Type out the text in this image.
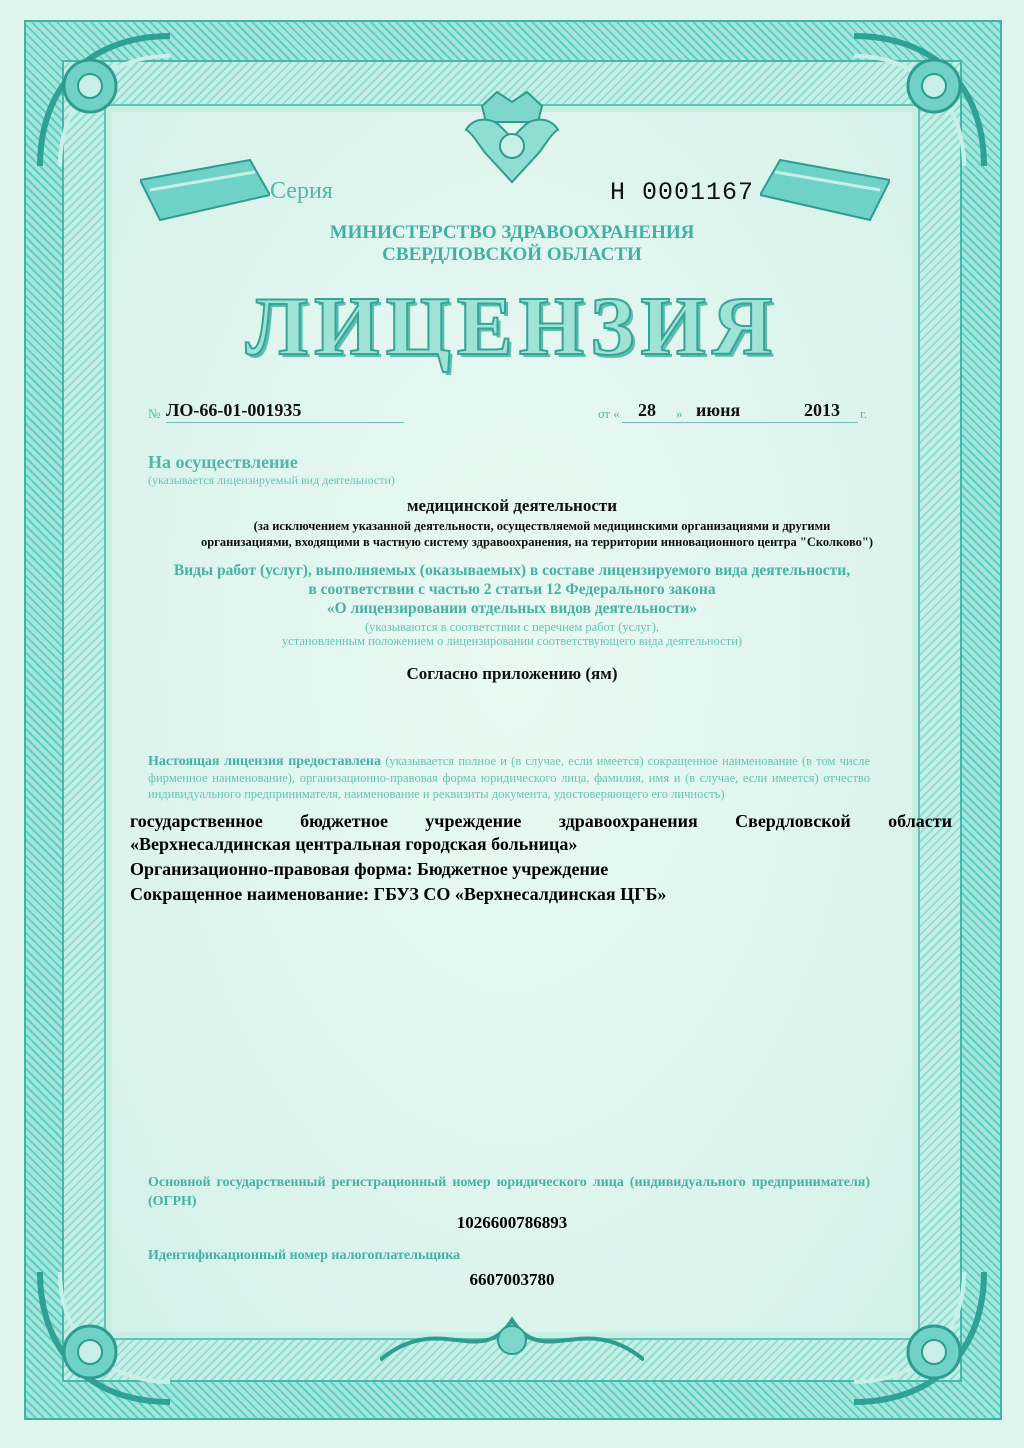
Серия	Н 0001167
МИНИСТЕРСТВО ЗДРАВООХРАНЕНИЯ
СВЕРДЛОВСКОЙ ОБЛАСТИ
ЛИЦЕНЗИЯ
№ ЛО-66-01-001935	от « 28 » июня	2013 г.
На осуществление
(указывается лицензируемый вид деятельности)
медицинской деятельности
(за исключением указанной деятельности, осуществляемой медицинскими организациями и другими
организациями, входящими в частную систему здравоохранения, на территории инновационного центра "Сколково")
Виды работ (услуг), выполняемых (оказываемых) в составе лицензируемого вида деятельности,
в соответствии с частью 2 статьи 12 Федерального закона
«О лицензировании отдельных видов деятельности»
(указываются в соответствии с перечнем работ (услуг),
установленным положением о лицензировании соответствующего вида деятельности)
Согласно приложению (ям)
Настоящая лицензия предоставлена (указывается полное и (в случае, если имеется) сокращенное наименование (в том числе фирменное наименование), организационно-правовая форма юридического лица, фамилия, имя и (в случае, если имеется) отчество индивидуального предпринимателя, наименование и реквизиты документа, удостоверяющего его личность)
государственное бюджетное учреждение здравоохранения Свердловской области
«Верхнесалдинская центральная городская больница»
Организационно-правовая форма: Бюджетное учреждение
Сокращенное наименование: ГБУЗ СО «Верхнесалдинская ЦГБ»
Основной государственный регистрационный номер юридического лица (индивидуального предпринимателя) (ОГРН)
1026600786893
Идентификационный номер налогоплательщика
6607003780
